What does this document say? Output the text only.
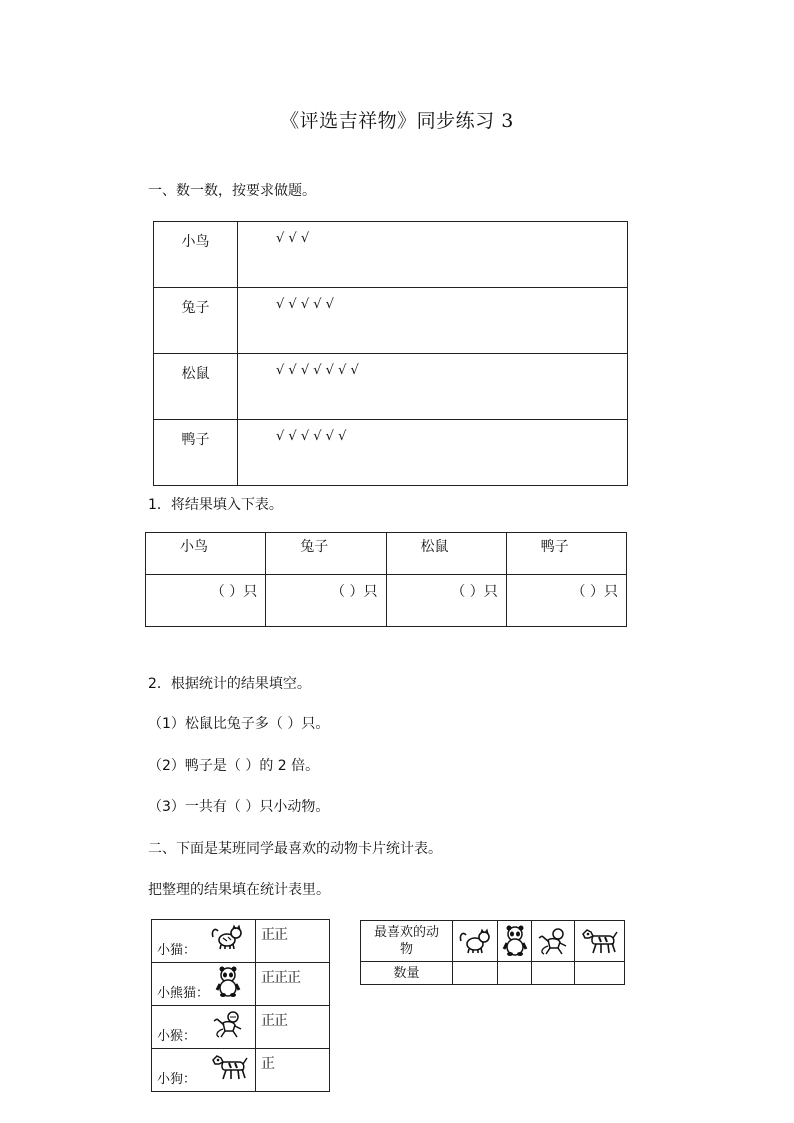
《评选吉祥物》同步练习 3
一、数一数，按要求做题。
小鸟	√ √ √
兔子	√ √ √ √ √
松鼠	√ √ √ √ √ √ √
鸭子	√ √ √ √ √ √
1．将结果填入下表。
小鸟	兔子	松鼠	鸭子
（ ）只	（ ）只	（ ）只	（ ）只
2．根据统计的结果填空。
（1）松鼠比兔子多（ ）只。
（2）鸭子是（ ）的 2 倍。
（3）一共有（ ）只小动物。
二、下面是某班同学最喜欢的动物卡片统计表。
把整理的结果填在统计表里。
小猫：	正正

小熊猫：	正正正

小猴：	正正

小狗：	正
最喜欢的动物	

数量				
